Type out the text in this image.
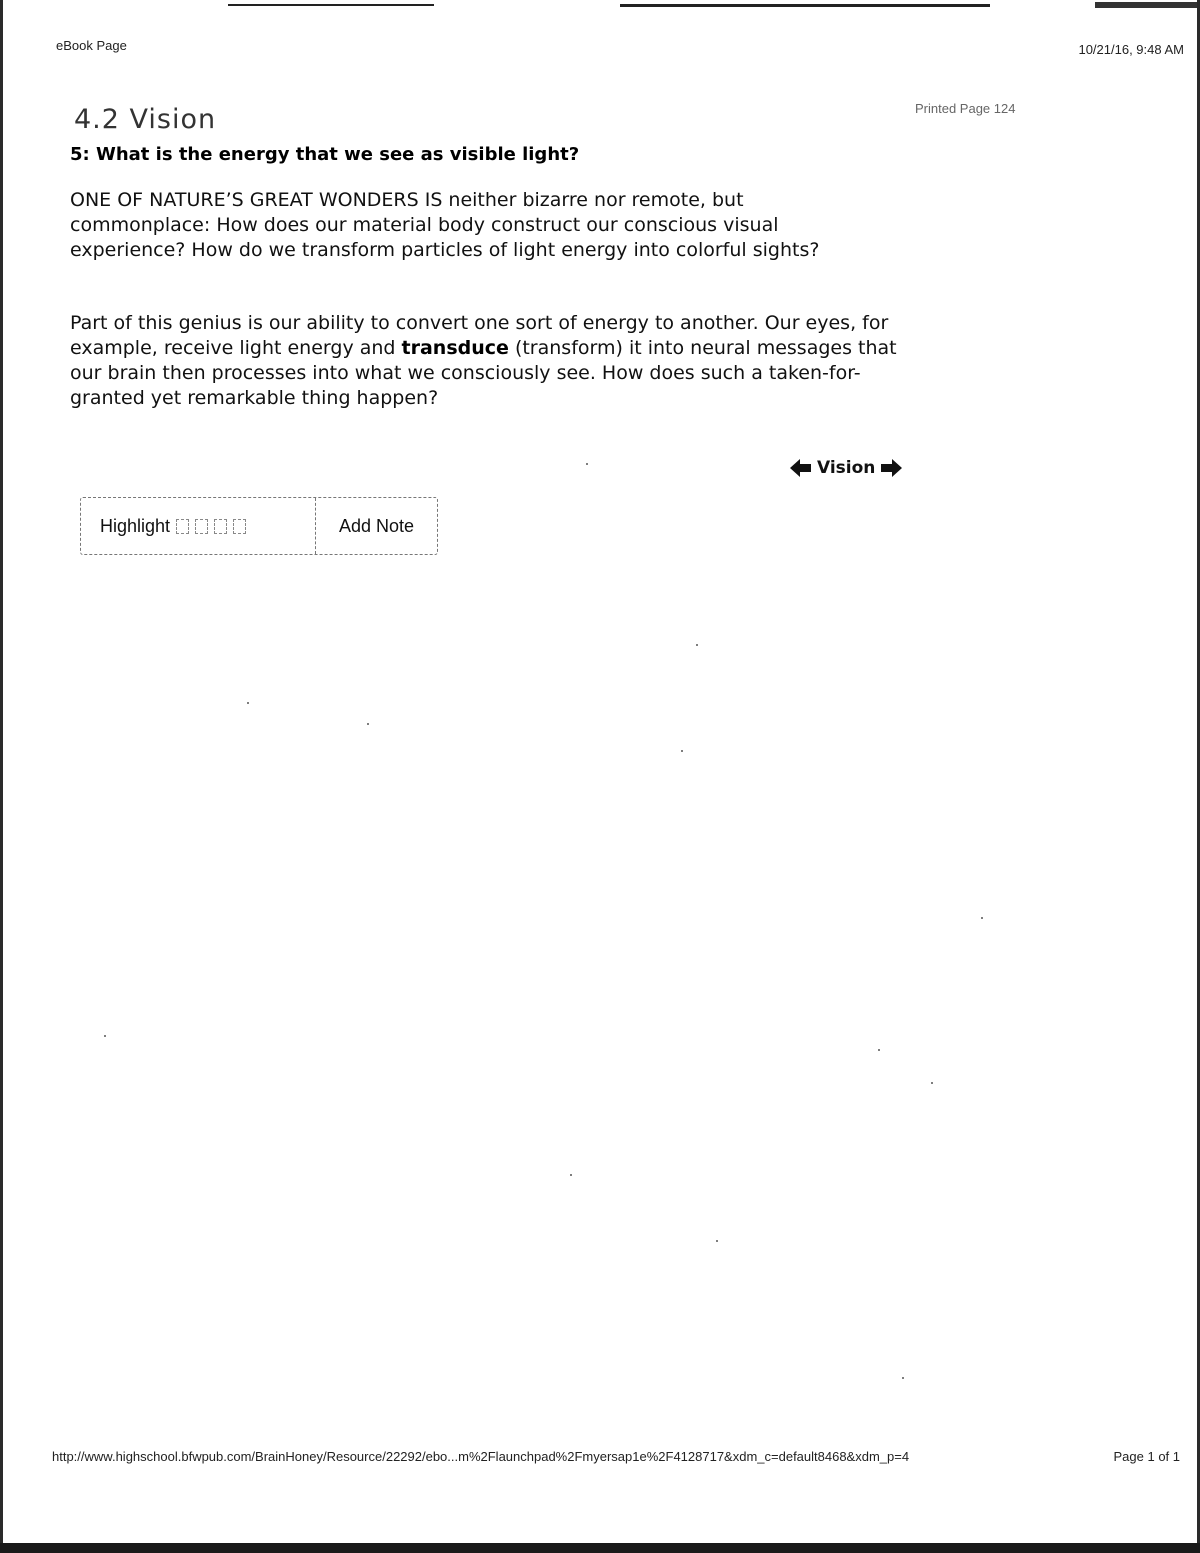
eBook Page	10/21/16, 9:48 AM
Printed Page 124
4.2 Vision
5: What is the energy that we see as visible light?

ONE OF NATURE’S GREAT WONDERS IS neither bizarre nor remote, but commonplace: How does our material body construct our conscious visual experience? How do we transform particles of light energy into colorful sights?

Part of this genius is our ability to convert one sort of energy to another. Our eyes, for example, receive light energy and transduce (transform) it into neural messages that our brain then processes into what we consciously see. How does such a taken-for-granted yet remarkable thing happen?

Vision
Highlight	Add Note
http://www.highschool.bfwpub.com/BrainHoney/Resource/22292/ebo...m%2Flaunchpad%2Fmyersap1e%2F4128717&xdm_c=default8468&xdm_p=4	Page 1 of 1
